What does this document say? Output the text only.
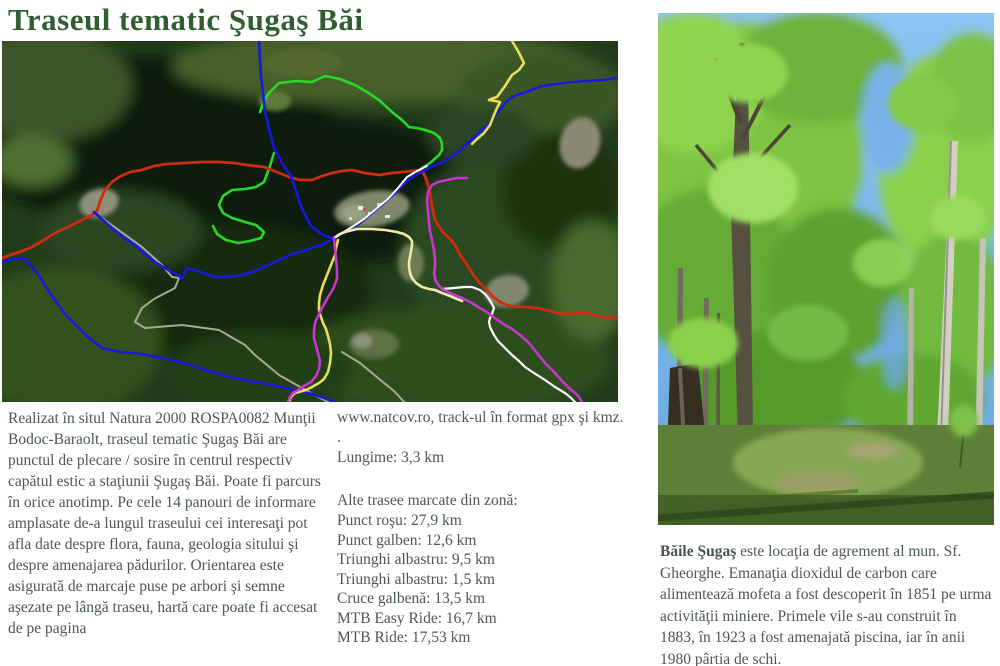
Traseul tematic Şugaş Băi

Realizat în situl Natura 2000 ROSPA0082 Munţii Bodoc-Baraolt, traseul tematic Şugaş Băi are punctul de plecare / sosire în centrul respectiv capătul estic a staţiunii Şugaş Băi. Poate fi parcurs în orice anotimp. Pe cele 14 panouri de informare amplasate de-a lungul traseului cei interesaţi pot afla date despre flora, fauna, geologia sitului şi despre amenajarea pădurilor. Orientarea este asigurată de marcaje puse pe arbori şi semne aşezate pe lângă traseu, hartă care poate fi accesat de pe pagina

www.natcov.ro, track-ul în format gpx şi kmz.

.

Lungime: 3,3 km

Alte trasee marcate din zonă:

Punct roşu: 27,9 km

Punct galben: 12,6 km

Triunghi albastru: 9,5 km

Triunghi albastru: 1,5 km

Cruce galbenă: 13,5 km

MTB Easy Ride: 16,7 km

MTB Ride: 17,53 km

Băile Şugaş este locaţia de agrement al mun. Sf. Gheorghe. Emanaţia dioxidul de carbon care alimentează mofeta a fost descoperit în 1851 pe urma activităţii miniere. Primele vile s-au construit în 1883, în 1923 a fost amenajată piscina, iar în anii 1980 pârtia de schi.
